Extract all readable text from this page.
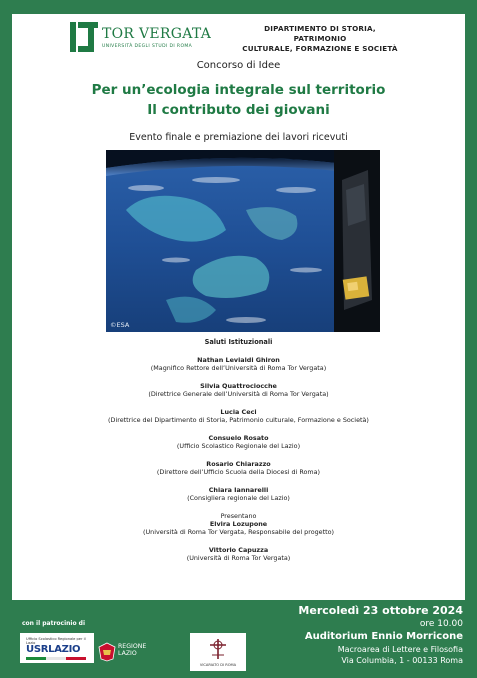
TOR VERGATA
UNIVERSITÀ DEGLI STUDI DI ROMA
DIPARTIMENTO DI STORIA, PATRIMONIO
CULTURALE, FORMAZIONE E SOCIETÀ
Concorso di Idee
Per un’ecologia integrale sul territorio
Il contributo dei giovani
Evento finale e premiazione dei lavori ricevuti
©ESA
Saluti Istituzionali
Nathan Levialdi Ghiron
(Magnifico Rettore dell’Università di Roma Tor Vergata)
Silvia Quattrociocche
(Direttrice Generale dell’Università di Roma Tor Vergata)
Lucia Ceci
(Direttrice del Dipartimento di Storia, Patrimonio culturale, Formazione e Società)
Consuelo Rosato
(Ufficio Scolastico Regionale del Lazio)
Rosario Chiarazzo
(Direttore dell’Ufficio Scuola della Diocesi di Roma)
Chiara Iannarelli
(Consigliera regionale del Lazio)
Presentano
Elvira Lozupone
(Università di Roma Tor Vergata, Responsabile del progetto)
Vittorio Capuzza
(Università di Roma Tor Vergata)
con il patrocinio di
Ufficio Scolastico Regionale per il Lazio
USRLAZIO	REGIONE
LAZIO
VICARIATO DI ROMA
Mercoledì 23 ottobre 2024
ore 10.00
Auditorium Ennio Morricone
Macroarea di Lettere e Filosofia
Via Columbia, 1 - 00133 Roma
